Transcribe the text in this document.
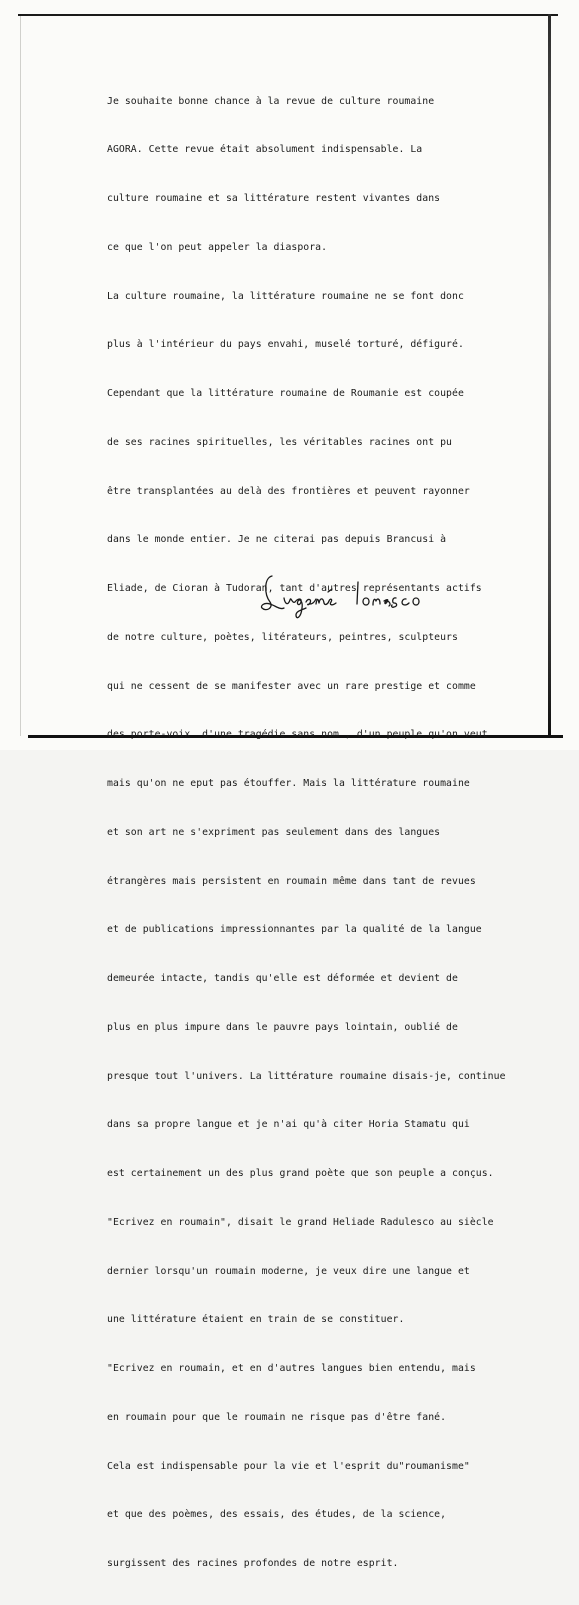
Je souhaite bonne chance à la revue de culture roumaine

AGORA. Cette revue était absolument indispensable. La

culture roumaine et sa littérature restent vivantes dans

ce que l'on peut appeler la diaspora.

La culture roumaine, la littérature roumaine ne se font donc

plus à l'intérieur du pays envahi, muselé torturé, défiguré.

Cependant que la littérature roumaine de Roumanie est coupée

de ses racines spirituelles, les véritables racines ont pu

être transplantées au delà des frontières et peuvent rayonner

dans le monde entier. Je ne citerai pas depuis Brancusi à

Eliade, de Cioran à Tudoran, tant d'autres représentants actifs

de notre culture, poètes, litérateurs, peintres, sculpteurs

qui ne cessent de se manifester avec un rare prestige et comme

des porte-voix  d'une tragédie sans nom , d'un peuple qu'on veut

mais qu'on ne eput pas étouffer. Mais la littérature roumaine

et son art ne s'expriment pas seulement dans des langues

étrangères mais persistent en roumain même dans tant de revues

et de publications impressionnantes par la qualité de la langue

demeurée intacte, tandis qu'elle est déformée et devient de

plus en plus impure dans le pauvre pays lointain, oublié de

presque tout l'univers. La littérature roumaine disais-je, continue

dans sa propre langue et je n'ai qu'à citer Horia Stamatu qui

est certainement un des plus grand poète que son peuple a conçus.

"Ecrivez en roumain", disait le grand Heliade Radulesco au siècle

dernier lorsqu'un roumain moderne, je veux dire une langue et

une littérature étaient en train de se constituer.

"Ecrivez en roumain, et en d'autres langues bien entendu, mais

en roumain pour que le roumain ne risque pas d'être fané.

Cela est indispensable pour la vie et l'esprit du"roumanisme"

et que des poèmes, des essais, des études, de la science,

surgissent des racines profondes de notre esprit.
